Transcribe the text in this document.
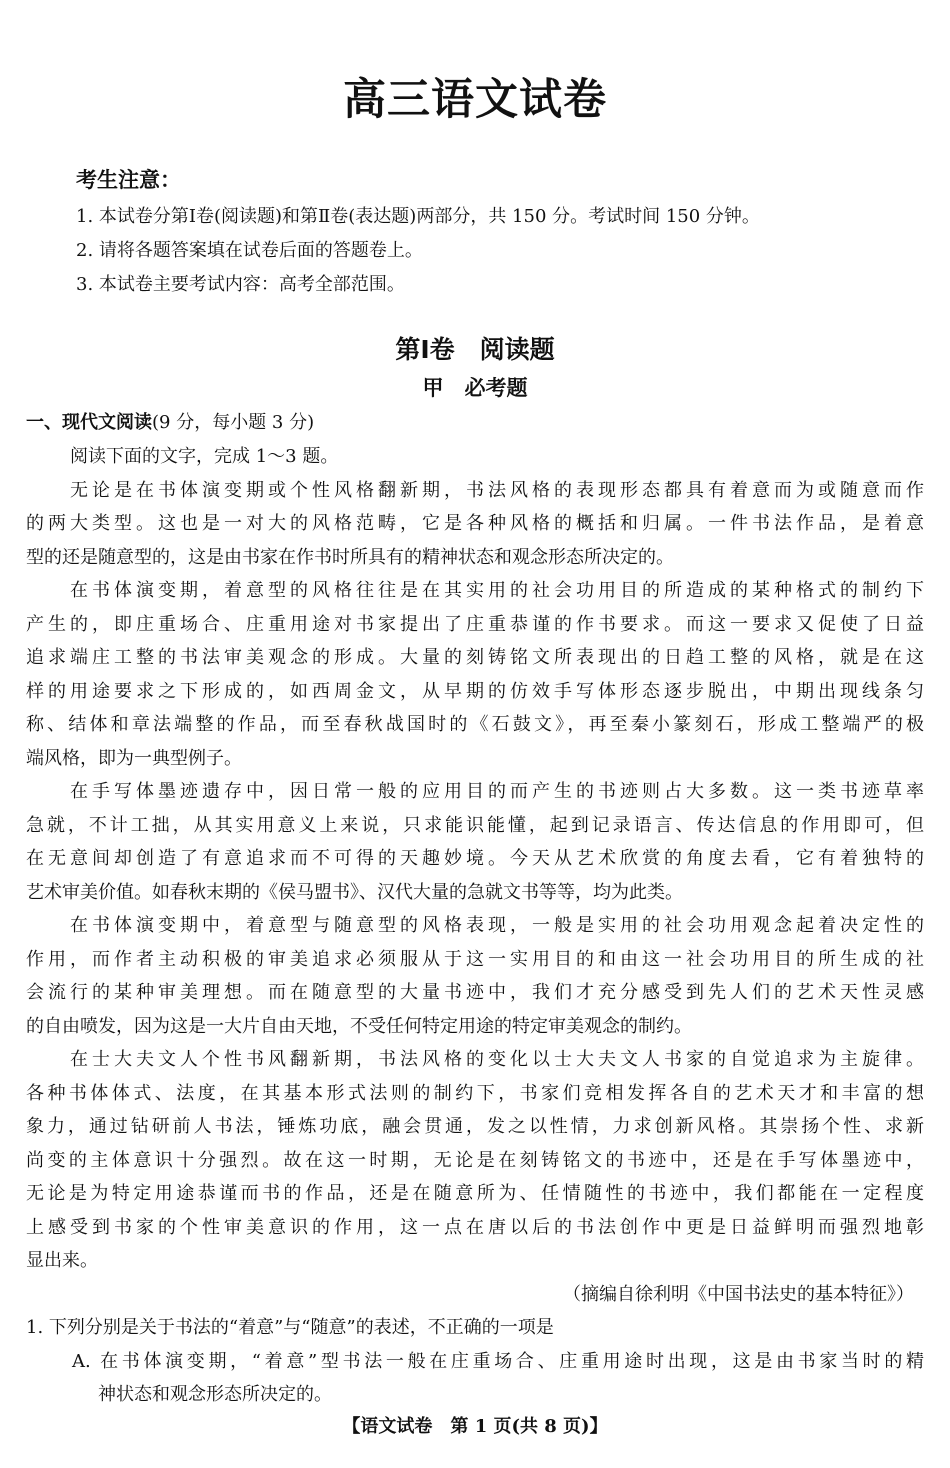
高三语文试卷
考生注意：
1. 本试卷分第Ⅰ卷(阅读题)和第Ⅱ卷(表达题)两部分，共 150 分。考试时间 150 分钟。
2. 请将各题答案填在试卷后面的答题卷上。
3. 本试卷主要考试内容：高考全部范围。
第Ⅰ卷　阅读题
甲　必考题
一、现代文阅读(9 分，每小题 3 分)
阅读下面的文字，完成 1～3 题。
无论是在书体演变期或个性风格翻新期，书法风格的表现形态都具有着意而为或随意而作
的两大类型。这也是一对大的风格范畴，它是各种风格的概括和归属。一件书法作品，是着意
型的还是随意型的，这是由书家在作书时所具有的精神状态和观念形态所决定的。
在书体演变期，着意型的风格往往是在其实用的社会功用目的所造成的某种格式的制约下
产生的，即庄重场合、庄重用途对书家提出了庄重恭谨的作书要求。而这一要求又促使了日益
追求端庄工整的书法审美观念的形成。大量的刻铸铭文所表现出的日趋工整的风格，就是在这
样的用途要求之下形成的，如西周金文，从早期的仿效手写体形态逐步脱出，中期出现线条匀
称、结体和章法端整的作品，而至春秋战国时的《石鼓文》，再至秦小篆刻石，形成工整端严的极
端风格，即为一典型例子。
在手写体墨迹遗存中，因日常一般的应用目的而产生的书迹则占大多数。这一类书迹草率
急就，不计工拙，从其实用意义上来说，只求能识能懂，起到记录语言、传达信息的作用即可，但
在无意间却创造了有意追求而不可得的天趣妙境。今天从艺术欣赏的角度去看，它有着独特的
艺术审美价值。如春秋末期的《侯马盟书》、汉代大量的急就文书等等，均为此类。
在书体演变期中，着意型与随意型的风格表现，一般是实用的社会功用观念起着决定性的
作用，而作者主动积极的审美追求必须服从于这一实用目的和由这一社会功用目的所生成的社
会流行的某种审美理想。而在随意型的大量书迹中，我们才充分感受到先人们的艺术天性灵感
的自由喷发，因为这是一大片自由天地，不受任何特定用途的特定审美观念的制约。
在士大夫文人个性书风翻新期，书法风格的变化以士大夫文人书家的自觉追求为主旋律。
各种书体体式、法度，在其基本形式法则的制约下，书家们竞相发挥各自的艺术天才和丰富的想
象力，通过钻研前人书法，锤炼功底，融会贯通，发之以性情，力求创新风格。其崇扬个性、求新
尚变的主体意识十分强烈。故在这一时期，无论是在刻铸铭文的书迹中，还是在手写体墨迹中，
无论是为特定用途恭谨而书的作品，还是在随意所为、任情随性的书迹中，我们都能在一定程度
上感受到书家的个性审美意识的作用，这一点在唐以后的书法创作中更是日益鲜明而强烈地彰
显出来。
（摘编自徐利明《中国书法史的基本特征》）
1. 下列分别是关于书法的“着意”与“随意”的表述，不正确的一项是
A. 在书体演变期，“着意”型书法一般在庄重场合、庄重用途时出现，这是由书家当时的精
神状态和观念形态所决定的。
【语文试卷　第 1 页(共 8 页)】
